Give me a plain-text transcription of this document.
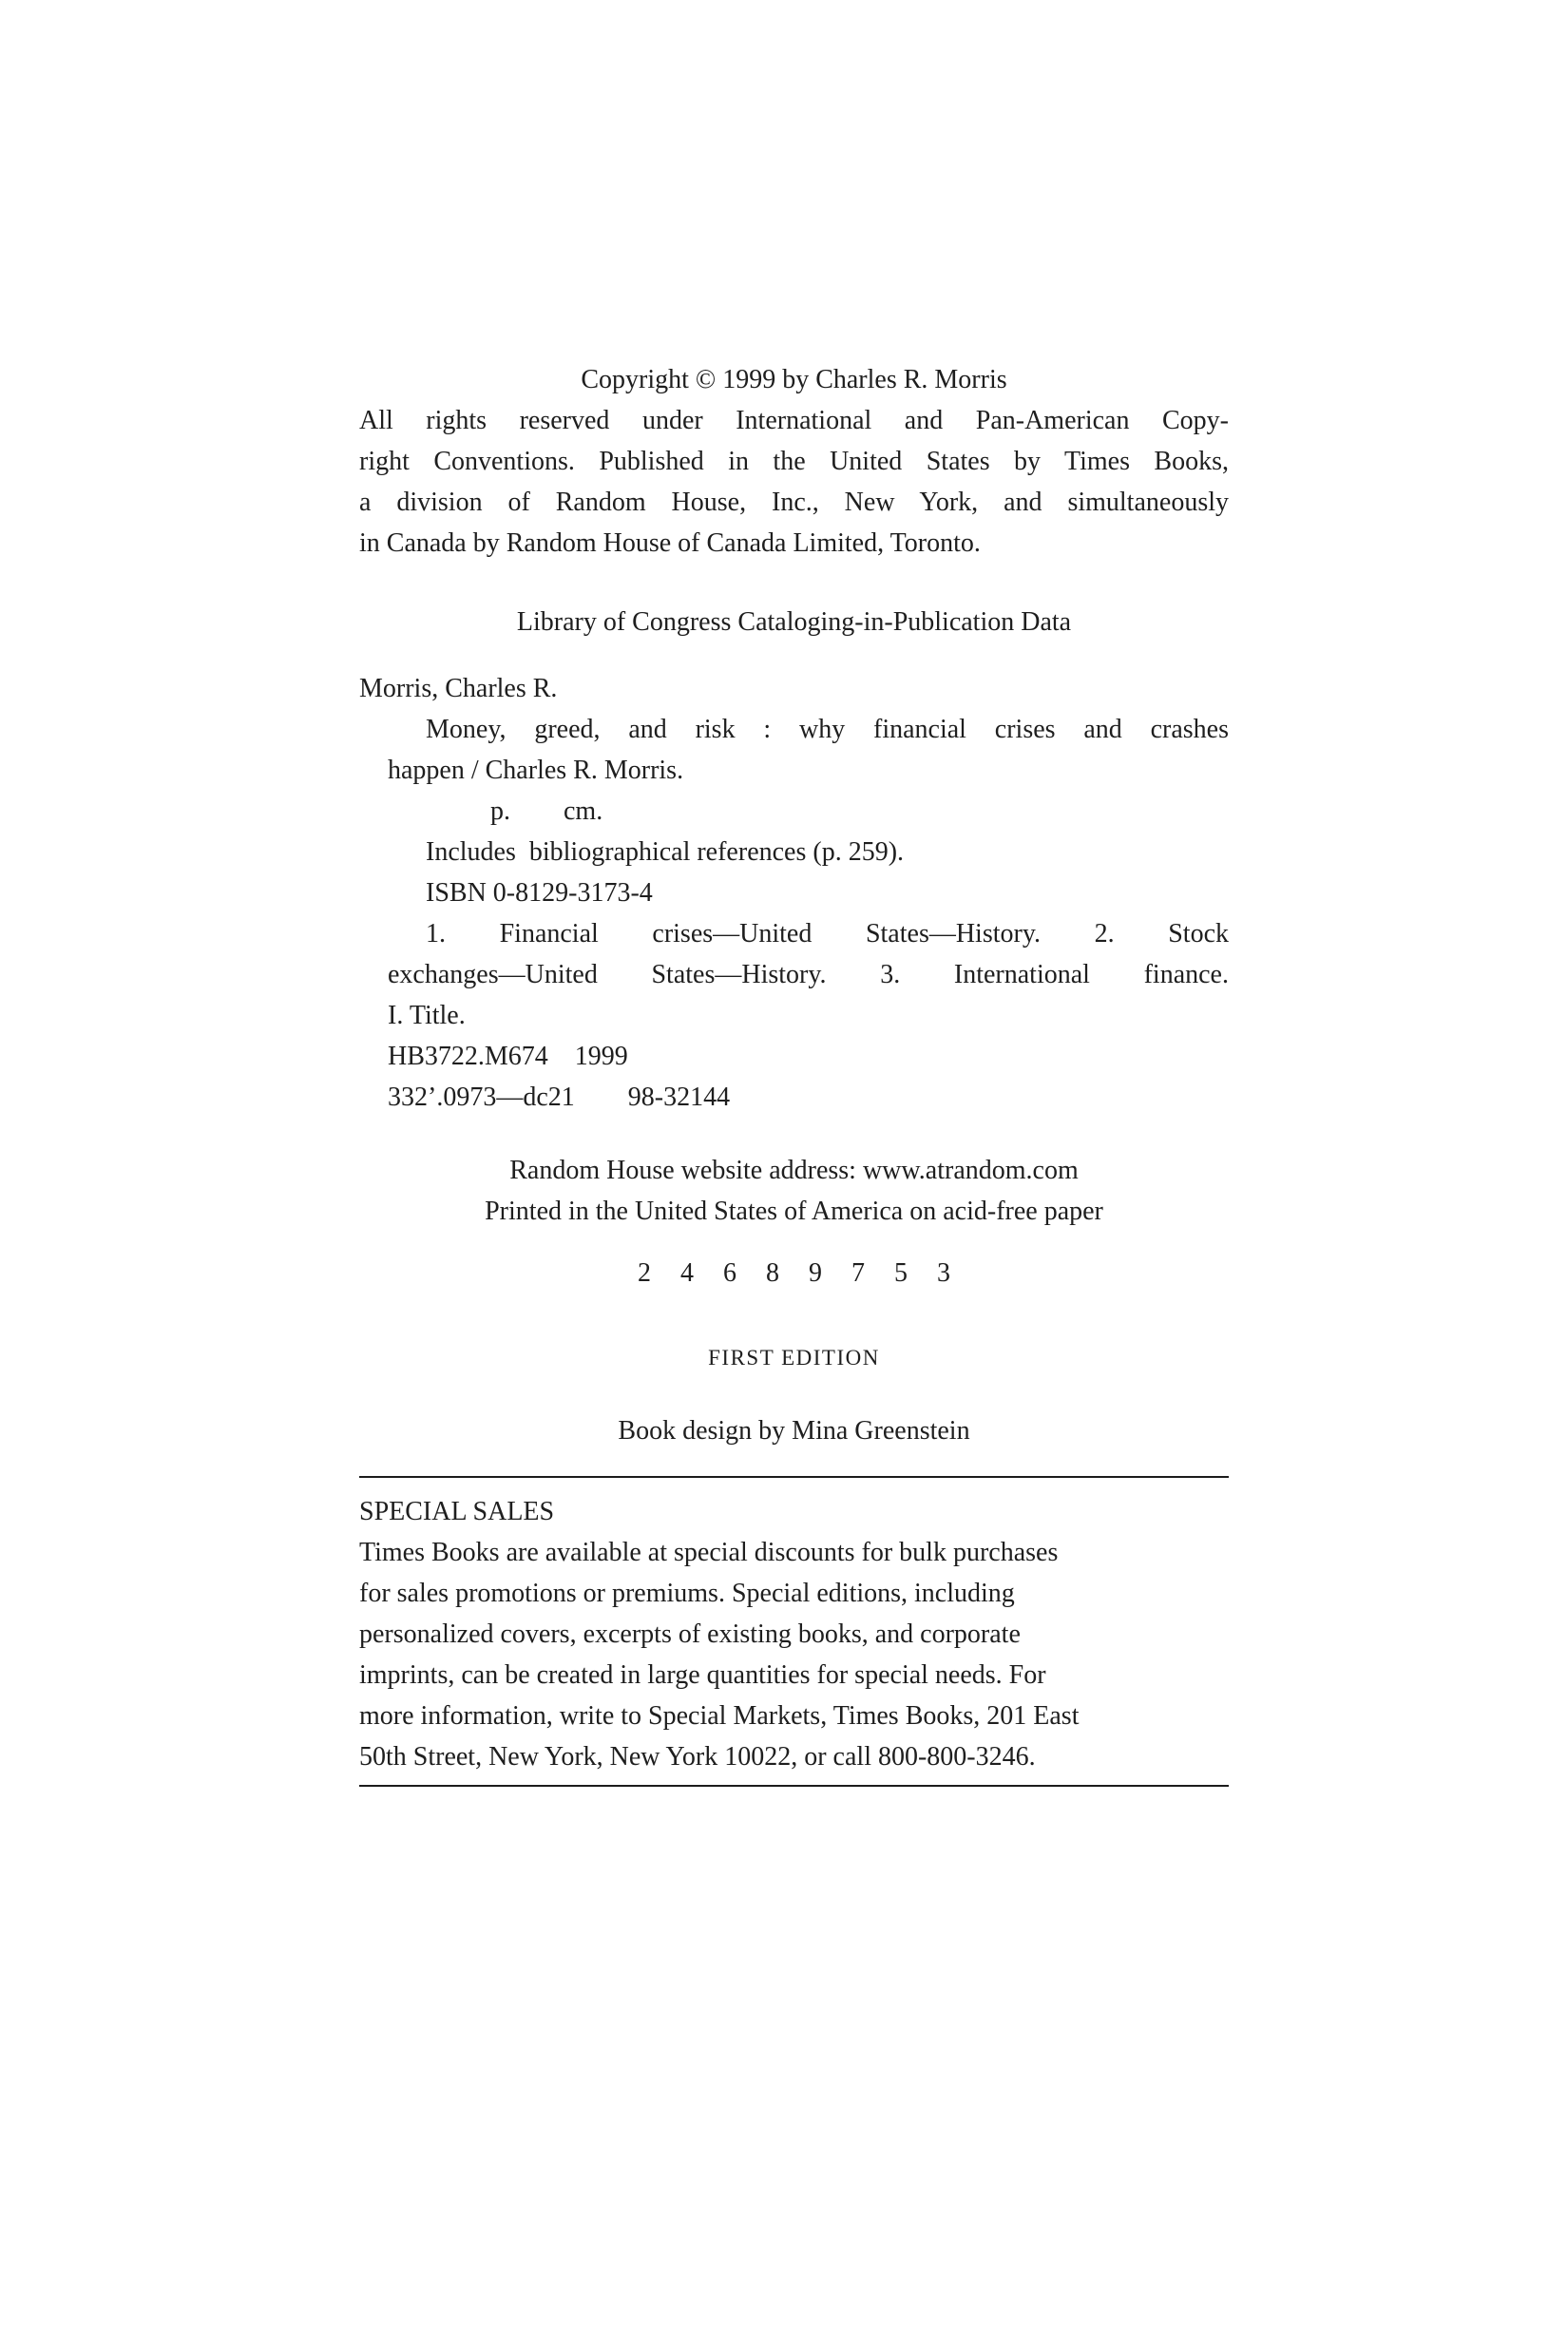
Copyright © 1999 by Charles R. Morris
All rights reserved under International and Pan-American Copy-
right Conventions. Published in the United States by Times Books,
a division of Random House, Inc., New York, and simultaneously
in Canada by Random House of Canada Limited, Toronto.
Library of Congress Cataloging-in-Publication Data
Morris, Charles R.
Money, greed, and risk : why financial crises and crashes
happen / Charles R. Morris.
p.        cm.
Includes  bibliographical references (p. 259).
ISBN 0-8129-3173-4
1. Financial crises—United States—History. 2. Stock
exchanges—United States—History. 3. International finance.
I. Title.
HB3722.M674    1999
332’.0973—dc21        98-32144
Random House website address: www.atrandom.com
Printed in the United States of America on acid-free paper
2 4 6 8 9 7 5 3
FIRST EDITION
Book design by Mina Greenstein
SPECIAL SALES
Times Books are available at special discounts for bulk purchases
for sales promotions or premiums. Special editions, including
personalized covers, excerpts of existing books, and corporate
imprints, can be created in large quantities for special needs. For
more information, write to Special Markets, Times Books, 201 East
50th Street, New York, New York 10022, or call 800-800-3246.
